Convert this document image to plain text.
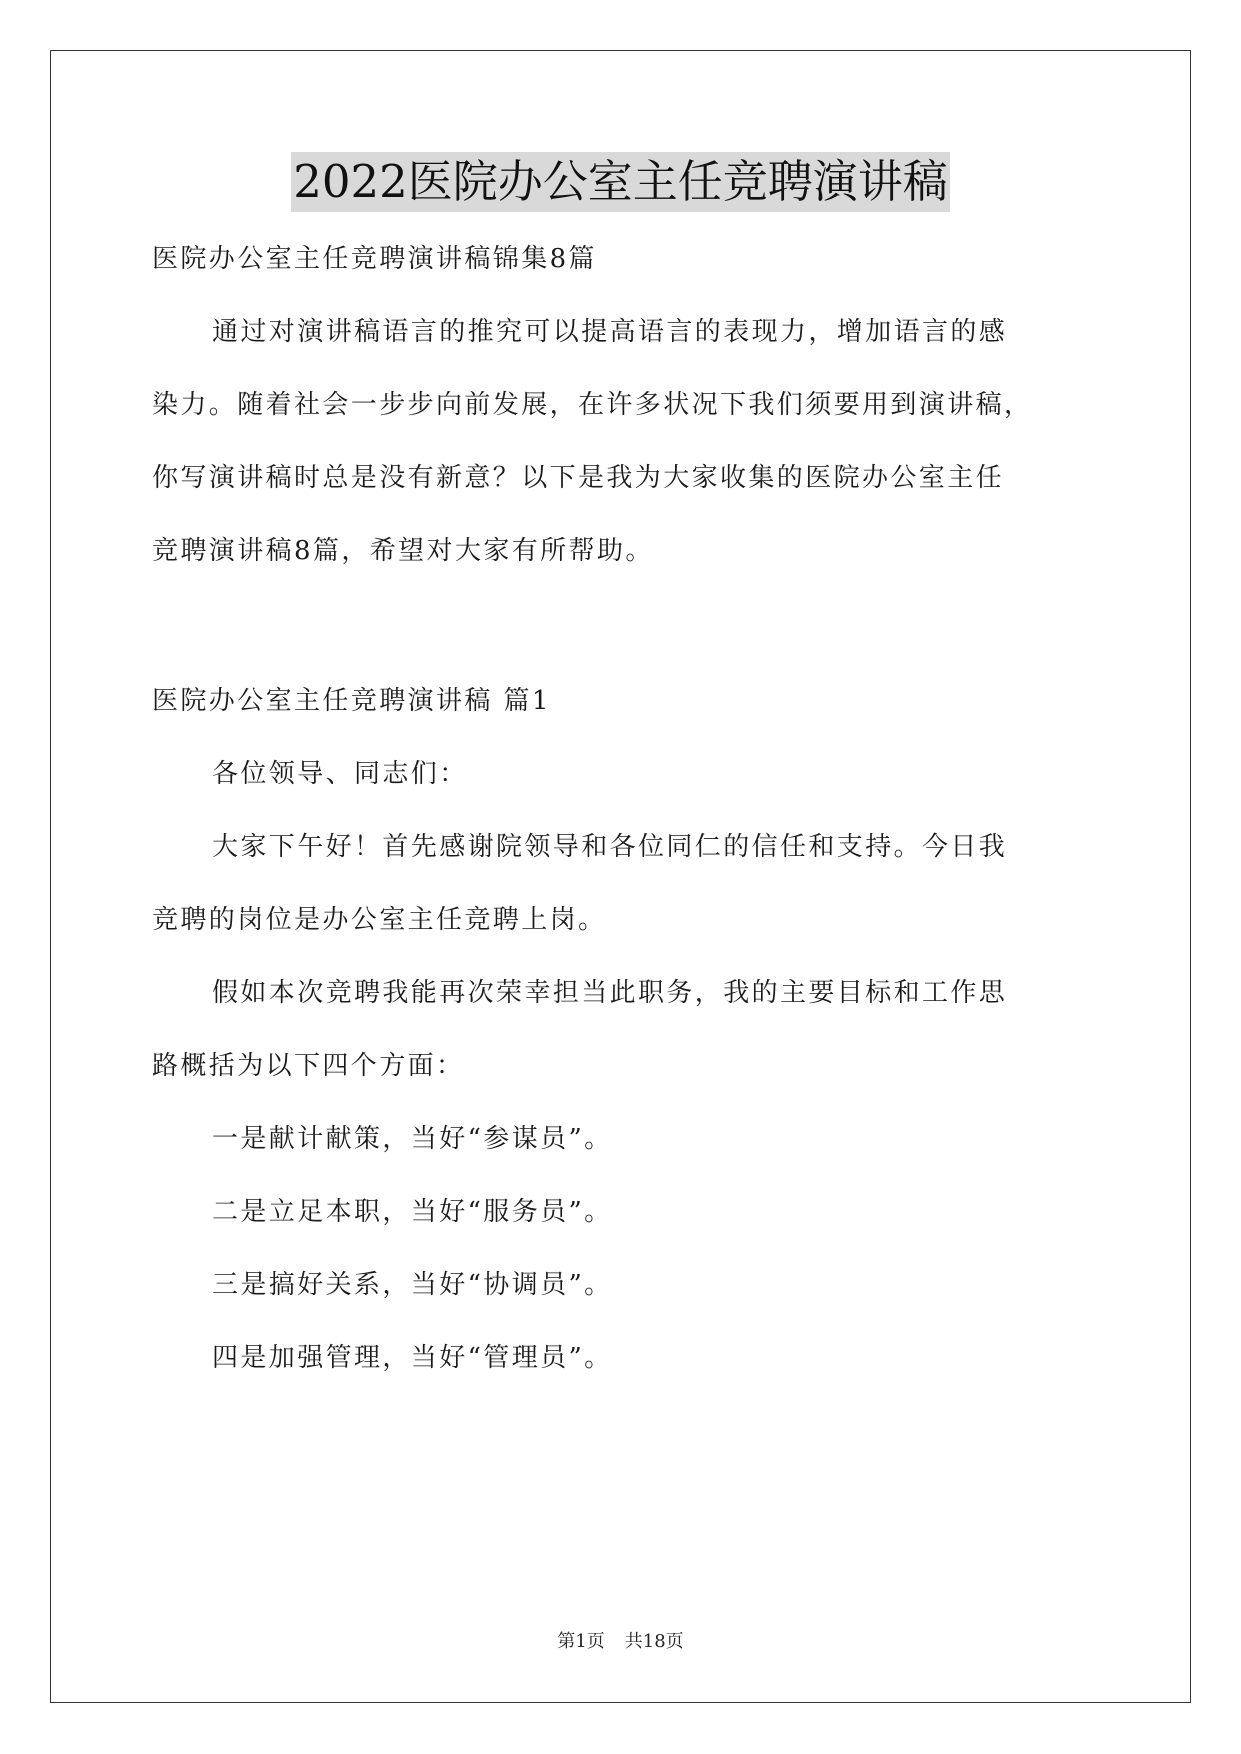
2022医院办公室主任竞聘演讲稿
医院办公室主任竞聘演讲稿锦集8篇
通过对演讲稿语言的推究可以提高语言的表现力，增加语言的感
染力。随着社会一步步向前发展，在许多状况下我们须要用到演讲稿，
你写演讲稿时总是没有新意？以下是我为大家收集的医院办公室主任
竞聘演讲稿8篇，希望对大家有所帮助。
医院办公室主任竞聘演讲稿 篇1
各位领导、同志们：
大家下午好！首先感谢院领导和各位同仁的信任和支持。今日我
竞聘的岗位是办公室主任竞聘上岗。
假如本次竞聘我能再次荣幸担当此职务，我的主要目标和工作思
路概括为以下四个方面：
一是献计献策，当好“参谋员”。
二是立足本职，当好“服务员”。
三是搞好关系，当好“协调员”。
四是加强管理，当好“管理员”。
第1页 共18页
